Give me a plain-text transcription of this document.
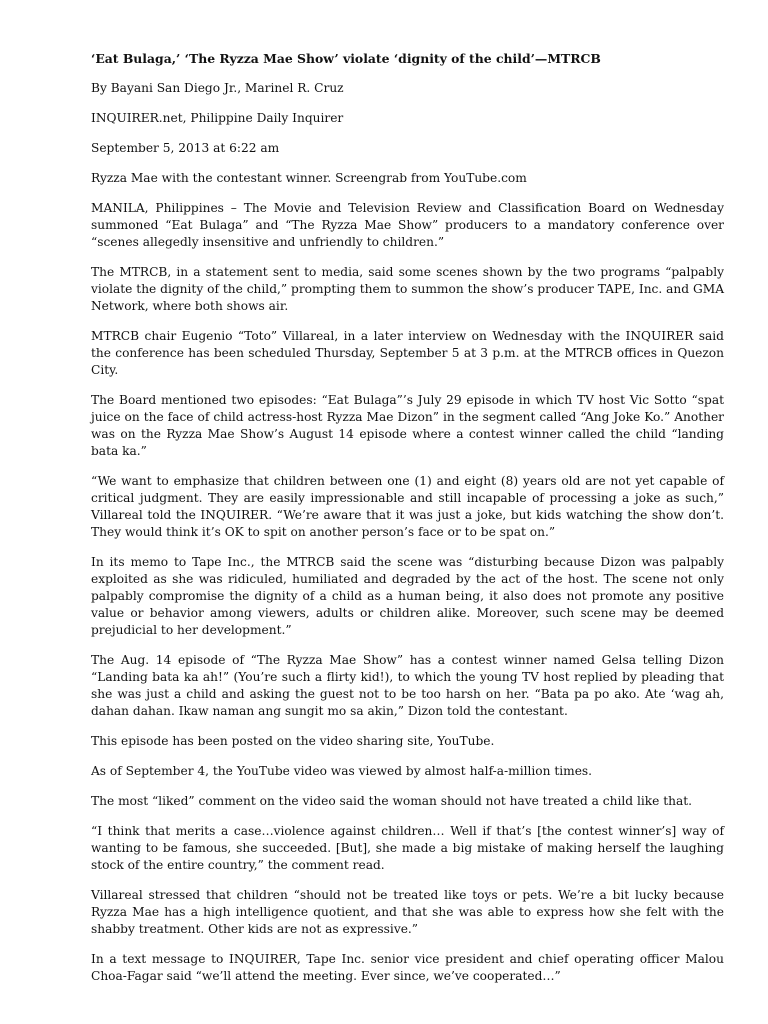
‘Eat Bulaga,’ ‘The Ryzza Mae Show’ violate ‘dignity of the child’—MTRCB

By Bayani San Diego Jr., Marinel R. Cruz

INQUIRER.net, Philippine Daily Inquirer

September 5, 2013 at 6:22 am

Ryzza Mae with the contestant winner. Screengrab from YouTube.com

MANILA, Philippines – The Movie and Television Review and Classification Board on Wednesday summoned “Eat Bulaga” and “The Ryzza Mae Show” producers to a mandatory conference over “scenes allegedly insensitive and unfriendly to children.”

The MTRCB, in a statement sent to media, said some scenes shown by the two programs “palpably violate the dignity of the child,” prompting them to summon the show’s producer TAPE, Inc. and GMA Network, where both shows air.

MTRCB chair Eugenio “Toto” Villareal, in a later interview on Wednesday with the INQUIRER said the conference has been scheduled Thursday, September 5 at 3 p.m. at the MTRCB offices in Quezon City.

The Board mentioned two episodes: “Eat Bulaga”’s July 29 episode in which TV host Vic Sotto “spat juice on the face of child actress-host Ryzza Mae Dizon” in the segment called “Ang Joke Ko.” Another was on the Ryzza Mae Show’s August 14 episode where a contest winner called the child “landing bata ka.”

“We want to emphasize that children between one (1) and eight (8) years old are not yet capable of critical judgment. They are easily impressionable and still incapable of processing a joke as such,” Villareal told the INQUIRER. “We’re aware that it was just a joke, but kids watching the show don’t. They would think it’s OK to spit on another person’s face or to be spat on.”

In its memo to Tape Inc., the MTRCB said the scene was “disturbing because Dizon was palpably exploited as she was ridiculed, humiliated and degraded by the act of the host. The scene not only palpably compromise the dignity of a child as a human being, it also does not promote any positive value or behavior among viewers, adults or children alike. Moreover, such scene may be deemed prejudicial to her development.”

The Aug. 14 episode of “The Ryzza Mae Show” has a contest winner named Gelsa telling Dizon “Landing bata ka ah!” (You’re such a flirty kid!), to which the young TV host replied by pleading that she was just a child and asking the guest not to be too harsh on her. “Bata pa po ako. Ate ‘wag ah, dahan dahan. Ikaw naman ang sungit mo sa akin,” Dizon told the contestant.

This episode has been posted on the video sharing site, YouTube.

As of September 4, the YouTube video was viewed by almost half-a-million times.

The most “liked” comment on the video said the woman should not have treated a child like that.

“I think that merits a case…violence against children… Well if that’s [the contest winner’s] way of wanting to be famous, she succeeded. [But], she made a big mistake of making herself the laughing stock of the entire country,” the comment read.

Villareal stressed that children “should not be treated like toys or pets. We’re a bit lucky because Ryzza Mae has a high intelligence quotient, and that she was able to express how she felt with the shabby treatment. Other kids are not as expressive.”

In a text message to INQUIRER, Tape Inc. senior vice president and chief operating officer Malou Choa-Fagar said “we’ll attend the meeting. Ever since, we’ve cooperated…”
